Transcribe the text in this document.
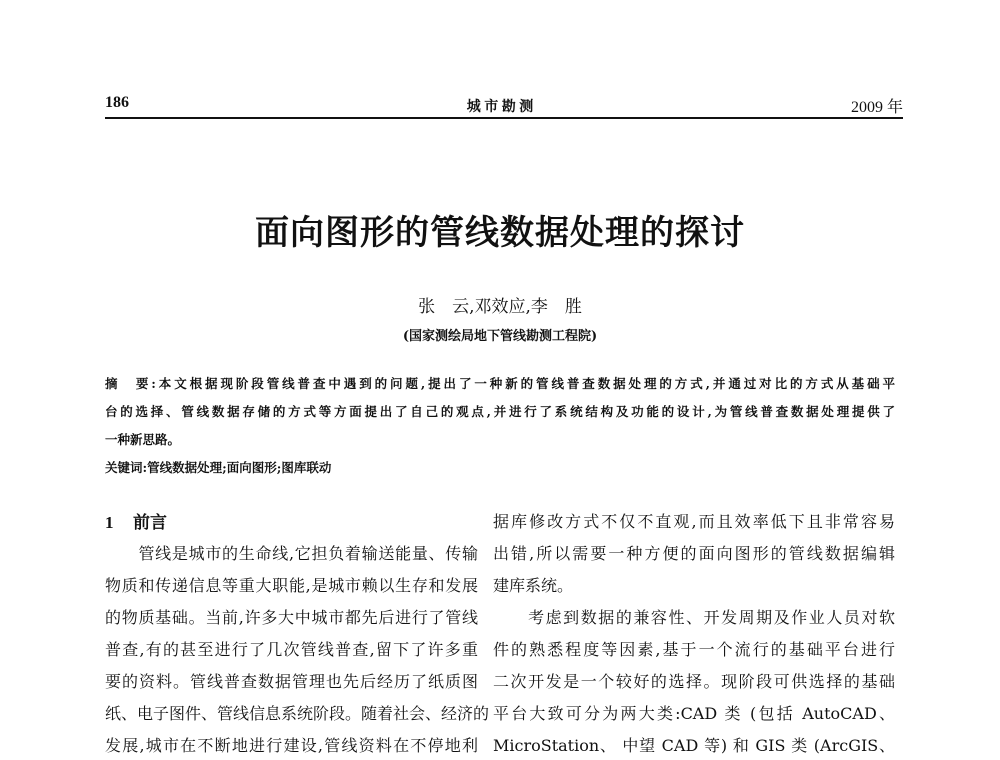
186	城 市 勘 测	2009 年
面向图形的管线数据处理的探讨
张　云,邓效应,李　胜
(国家测绘局地下管线勘测工程院)
摘　要:本文根据现阶段管线普查中遇到的问题,提出了一种新的管线普查数据处理的方式,并通过对比的方式从基础平
台的选择、管线数据存储的方式等方面提出了自己的观点,并进行了系统结构及功能的设计,为管线普查数据处理提供了
一种新思路。
关键词:管线数据处理;面向图形;图库联动
1 前言
　　管线是城市的生命线,它担负着输送能量、传输
物质和传递信息等重大职能,是城市赖以生存和发展
的物质基础。当前,许多大中城市都先后进行了管线
普查,有的甚至进行了几次管线普查,留下了许多重
要的资料。管线普查数据管理也先后经历了纸质图
纸、电子图件、管线信息系统阶段。随着社会、经济的
发展,城市在不断地进行建设,管线资料在不停地利
据库修改方式不仅不直观,而且效率低下且非常容易
出错,所以需要一种方便的面向图形的管线数据编辑
建库系统。
　　考虑到数据的兼容性、开发周期及作业人员对软
件的熟悉程度等因素,基于一个流行的基础平台进行
二次开发是一个较好的选择。现阶段可供选择的基础
平台大致可分为两大类:CAD 类 (包括 AutoCAD、
MicroStation、 中望 CAD 等) 和 GIS 类 (ArcGIS、
